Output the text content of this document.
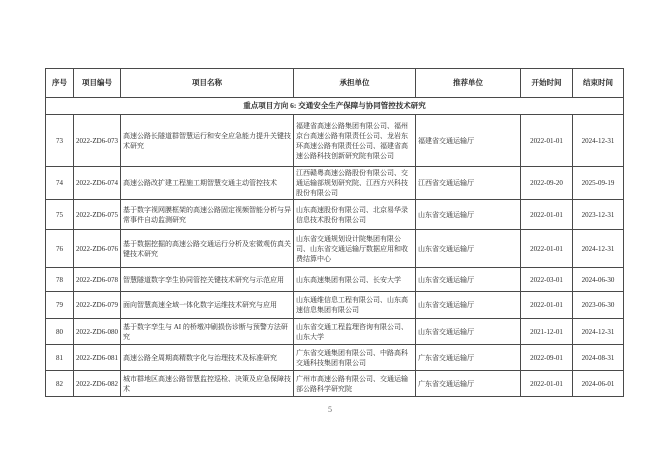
序号	项目编号	项目名称	承担单位	推荐单位	开始时间	结束时间
重点项目方向 6: 交通安全生产保障与协同管控技术研究						
73	2022-ZD6-073	高速公路长隧道群智慧运行和安全应急能力提升关键技术研究	福建省高速公路集团有限公司、福州京台高速公路有限责任公司、龙岩东环高速公路有限责任公司、福建省高速公路科技创新研究院有限公司	福建省交通运输厅	2022-01-01	2024-12-31
74	2022-ZD6-074	高速公路改扩建工程施工期智慧交通主动管控技术	江西赣粤高速公路股份有限公司、交通运输部规划研究院、江西方兴科技股份有限公司	江西省交通运输厅	2022-09-20	2025-09-19
75	2022-ZD6-075	基于数字视网膜框架的高速公路固定视频智能分析与异常事件自动监测研究	山东高速股份有限公司、北京易华录信息技术股份有限公司	山东省交通运输厅	2022-01-01	2023-12-31
76	2022-ZD6-076	基于数据挖掘的高速公路交通运行分析及宏微观仿真关键技术研究	山东省交通规划设计院集团有限公司、山东省交通运输厅数据应用和收费结算中心	山东省交通运输厅	2022-01-01	2024-12-31
78	2022-ZD6-078	智慧隧道数字孪生协同管控关键技术研究与示范应用	山东高速集团有限公司、长安大学	山东省交通运输厅	2022-03-01	2024-06-30
79	2022-ZD6-079	面向智慧高速全域一体化数字运维技术研究与应用	山东通维信息工程有限公司、山东高速信息集团有限公司	山东省交通运输厅	2022-01-01	2023-06-30
80	2022-ZD6-080	基于数字孪生与 AI 的桥墩冲刷损伤诊断与预警方法研究	山东省交通工程监理咨询有限公司、山东大学	山东省交通运输厅	2021-12-01	2024-12-31
81	2022-ZD6-081	高速公路全周期高精数字化与治理技术及标准研究	广东省交通集团有限公司、中路高科交通科技集团有限公司	广东省交通运输厅	2022-09-01	2024-08-31
82	2022-ZD6-082	城市群地区高速公路智慧监控巡检、决策及应急保障技术	广州市高速公路有限公司、交通运输部公路科学研究院	广东省交通运输厅	2022-01-01	2024-06-01
5
